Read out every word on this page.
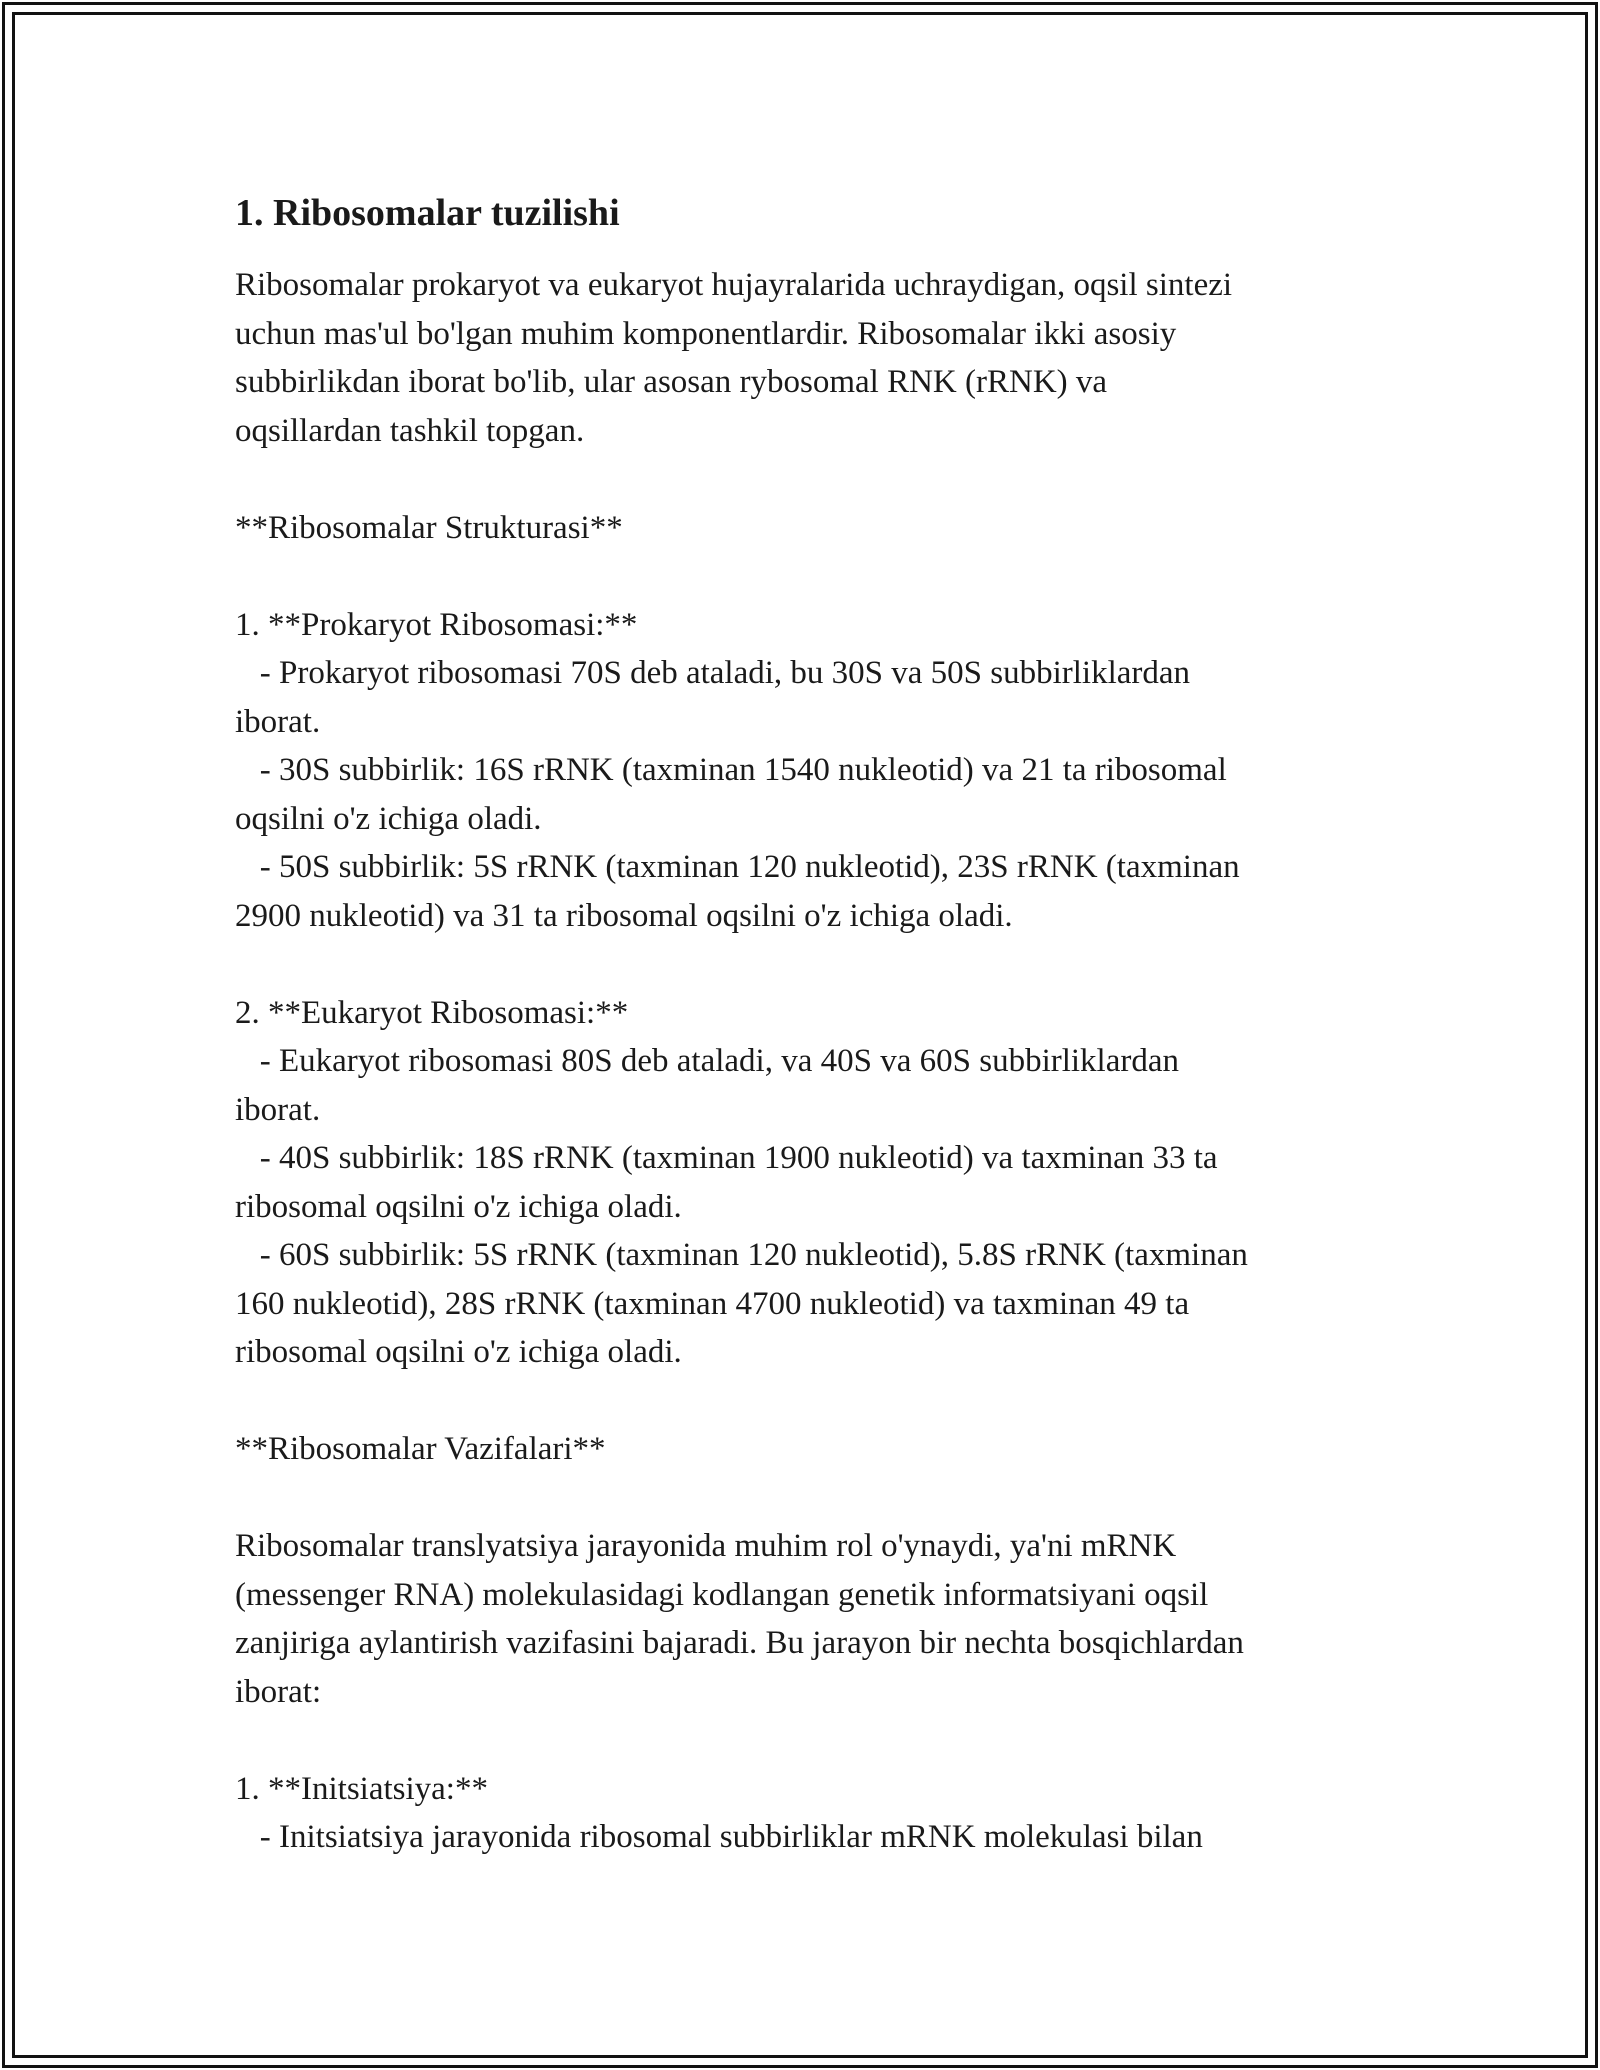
1. Ribosomalar tuzilishi
Ribosomalar prokaryot va eukaryot hujayralarida uchraydigan, oqsil sintezi
uchun mas'ul bo'lgan muhim komponentlardir. Ribosomalar ikki asosiy
subbirlikdan iborat bo'lib, ular asosan rybosomal RNK (rRNK) va
oqsillardan tashkil topgan.
**Ribosomalar Strukturasi**
1. **Prokaryot Ribosomasi:**
- Prokaryot ribosomasi 70S deb ataladi, bu 30S va 50S subbirliklardan
iborat.
- 30S subbirlik: 16S rRNK (taxminan 1540 nukleotid) va 21 ta ribosomal
oqsilni o'z ichiga oladi.
- 50S subbirlik: 5S rRNK (taxminan 120 nukleotid), 23S rRNK (taxminan
2900 nukleotid) va 31 ta ribosomal oqsilni o'z ichiga oladi.
2. **Eukaryot Ribosomasi:**
- Eukaryot ribosomasi 80S deb ataladi, va 40S va 60S subbirliklardan
iborat.
- 40S subbirlik: 18S rRNK (taxminan 1900 nukleotid) va taxminan 33 ta
ribosomal oqsilni o'z ichiga oladi.
- 60S subbirlik: 5S rRNK (taxminan 120 nukleotid), 5.8S rRNK (taxminan
160 nukleotid), 28S rRNK (taxminan 4700 nukleotid) va taxminan 49 ta
ribosomal oqsilni o'z ichiga oladi.
**Ribosomalar Vazifalari**
Ribosomalar translyatsiya jarayonida muhim rol o'ynaydi, ya'ni mRNK
(messenger RNA) molekulasidagi kodlangan genetik informatsiyani oqsil
zanjiriga aylantirish vazifasini bajaradi. Bu jarayon bir nechta bosqichlardan
iborat:
1. **Initsiatsiya:**
- Initsiatsiya jarayonida ribosomal subbirliklar mRNK molekulasi bilan
